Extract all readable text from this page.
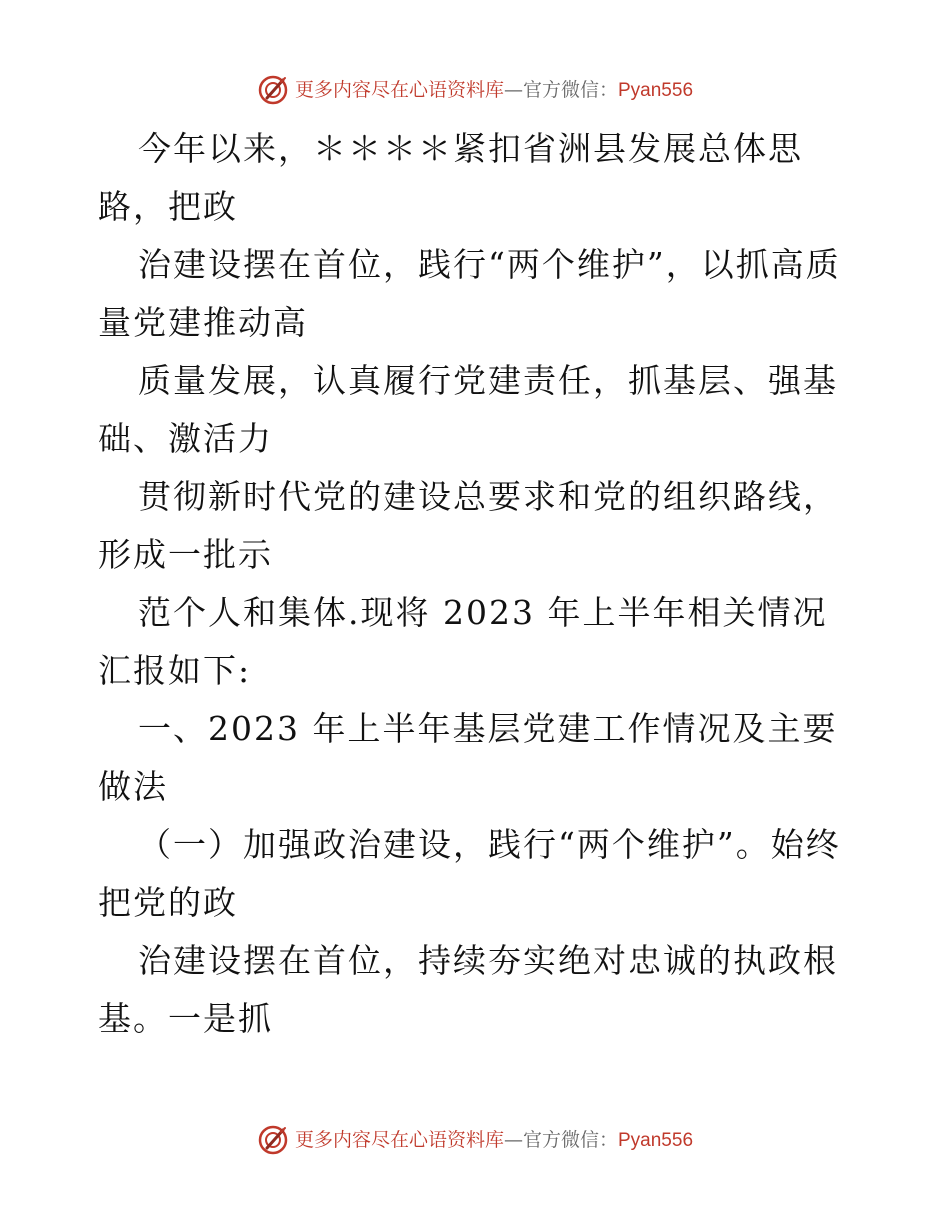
更多内容尽在心语资料库 —官方微信： Pyan556

今年以来，＊＊＊＊紧扣省洲县发展总体思路，把政

治建设摆在首位，践行“两个维护”，以抓高质量党建推动高

质量发展，认真履行党建责任，抓基层、强基础、激活力

贯彻新时代党的建设总要求和党的组织路线，形成一批示

范个人和集体.现将 2023 年上半年相关情况汇报如下:

一、2023 年上半年基层党建工作情况及主要做法

（一）加强政治建设，践行“两个维护”。始终把党的政

治建设摆在首位，持续夯实绝对忠诚的执政根基。一是抓

更多内容尽在心语资料库 —官方微信： Pyan556
